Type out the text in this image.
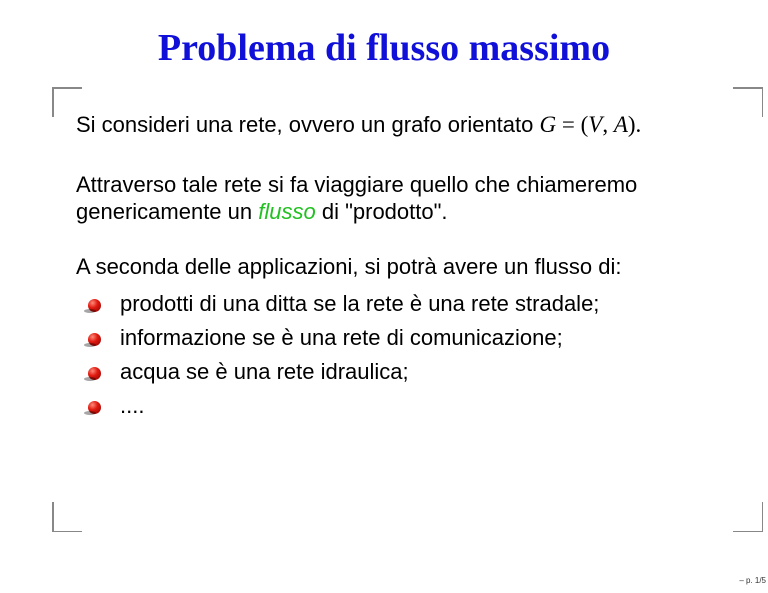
Problema di flusso massimo

Si consideri una rete, ovvero un grafo orientato G = (V, A).

Attraverso tale rete si fa viaggiare quello che chiameremo
genericamente un flusso di "prodotto".

A seconda delle applicazioni, si potrà avere un flusso di:

prodotti di una ditta se la rete è una rete stradale;
informazione se è una rete di comunicazione;
acqua se è una rete idraulica;
....
– p. 1/5
